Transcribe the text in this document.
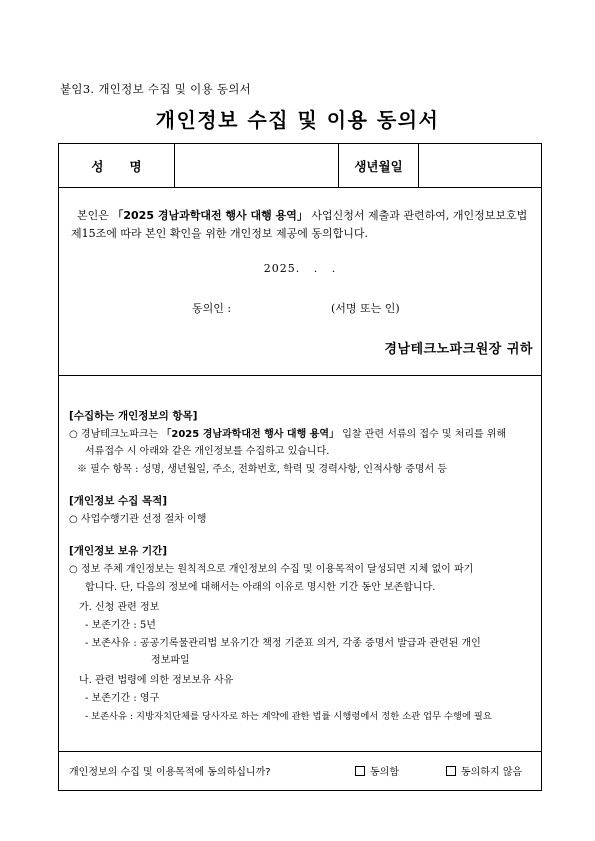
붙임3. 개인정보 수집 및 이용 동의서
개인정보 수집 및 이용 동의서
성명	생년월일
본인은 「2025 경남과학대전 행사 대행 용역」 사업신청서 제출과 관련하여, 개인정보보호법 제15조에 따라 본인 확인을 위한 개인정보 제공에 동의합니다.
2025.   .   .
동의인 :	(서명 또는 인)
경남테크노파크원장 귀하
[수집하는 개인정보의 항목]
○ 경남테크노파크는 「2025 경남과학대전 행사 대행 용역」 입찰 관련 서류의 접수 및 처리를 위해
서류접수 시 아래와 같은 개인정보를 수집하고 있습니다.
※ 필수 항목 : 성명, 생년월일, 주소, 전화번호, 학력 및 경력사항, 인적사항 증명서 등
[개인정보 수집 목적]
○ 사업수행기관 선정 절차 이행
[개인정보 보유 기간]
○ 정보 주체 개인정보는 원칙적으로 개인정보의 수집 및 이용목적이 달성되면 지체 없이 파기
합니다. 단, 다음의 정보에 대해서는 아래의 이유로 명시한 기간 동안 보존합니다.
가. 신청 관련 정보
- 보존기간 : 5년
- 보존사유 : 공공기록물관리법 보유기간 책정 기준표 의거, 각종 증명서 발급과 관련된 개인
정보파일
나. 관련 법령에 의한 정보보유 사유
- 보존기간 : 영구
- 보존사유 : 지방자치단체를 당사자로 하는 계약에 관한 법률 시행령에서 정한 소관 업무 수행에 필요
개인정보의 수집 및 이용목적에 동의하십니까?	동의함	동의하지 않음
